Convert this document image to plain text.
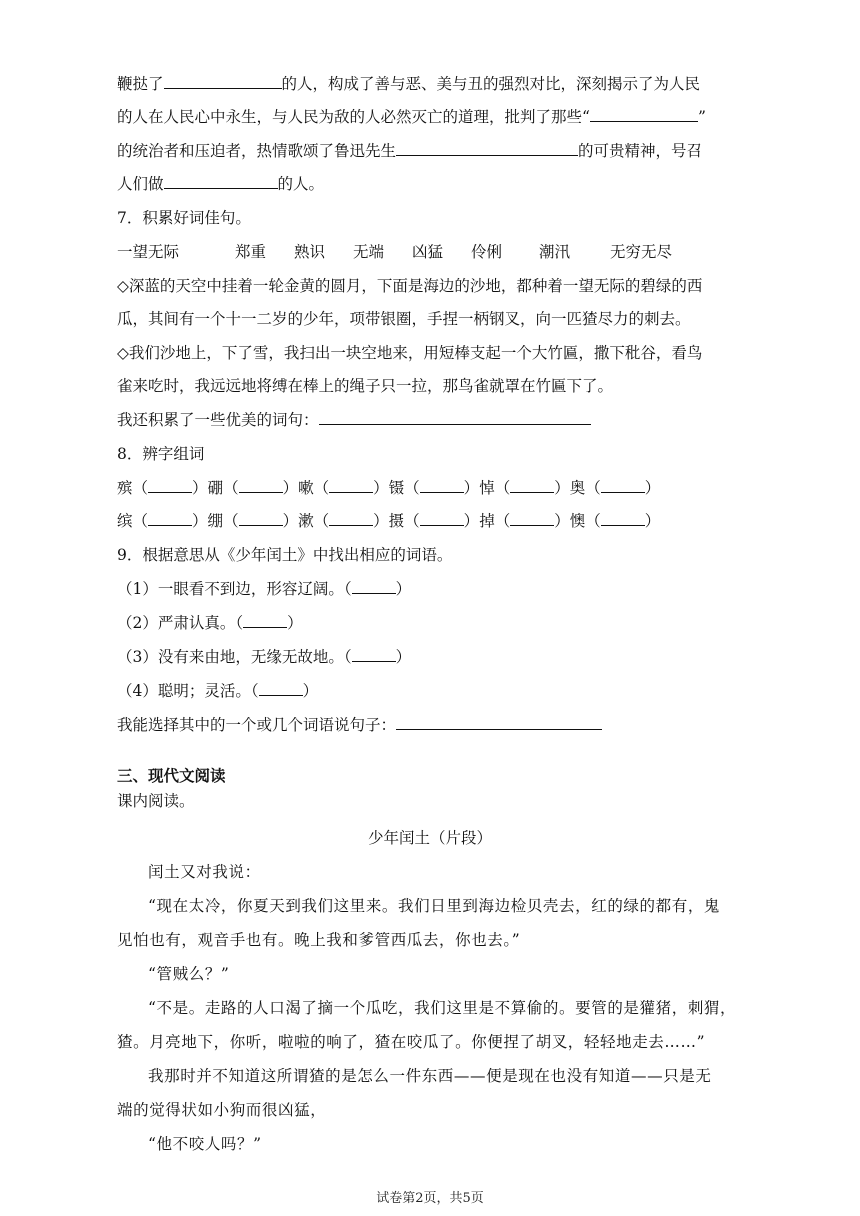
鞭挞了	的人，构成了善与恶、美与丑的强烈对比，深刻揭示了为人民
的人在人民心中永生，与人民为敌的人必然灭亡的道理，批判了那些“	”
的统治者和压迫者，热情歌颂了鲁迅先生	的可贵精神，号召
人们做	的人。
7．积累好词佳句。
一望无际	郑重 熟识 无端 凶猛 伶俐 潮汛	无穷无尽
◇深蓝的天空中挂着一轮金黄的圆月，下面是海边的沙地，都种着一望无际的碧绿的西
瓜，其间有一个十一二岁的少年，项带银圈，手捏一柄钢叉，向一匹猹尽力的刺去。
◇我们沙地上，下了雪，我扫出一块空地来，用短棒支起一个大竹匾，撒下秕谷，看鸟
雀来吃时，我远远地将缚在棒上的绳子只一拉，那鸟雀就罩在竹匾下了。
我还积累了一些优美的词句：
8．辨字组词
殡（	）硼（	）嗽（	）镊（	）悼（	）奥（	）
缤（	）绷（	）漱（	）摄（	）掉（	）懊（	）
9．根据意思从《少年闰土》中找出相应的词语。
（1）一眼看不到边，形容辽阔。（	）
（2）严肃认真。（	）
（3）没有来由地，无缘无故地。（	）
（4）聪明；灵活。（	）
我能选择其中的一个或几个词语说句子：
三、现代文阅读
课内阅读。
少年闰土（片段）
闰土又对我说：
“现在太冷，你夏天到我们这里来。我们日里到海边检贝壳去，红的绿的都有，鬼
见怕也有，观音手也有。晚上我和爹管西瓜去，你也去。”
“管贼么？”
“不是。走路的人口渴了摘一个瓜吃，我们这里是不算偷的。要管的是獾猪，刺猬，
猹。月亮地下，你听，啦啦的响了，猹在咬瓜了。你便捏了胡叉，轻轻地走去……”
我那时并不知道这所谓猹的是怎么一件东西——便是现在也没有知道——只是无
端的觉得状如小狗而很凶猛，
“他不咬人吗？”
试卷第2页，共5页
